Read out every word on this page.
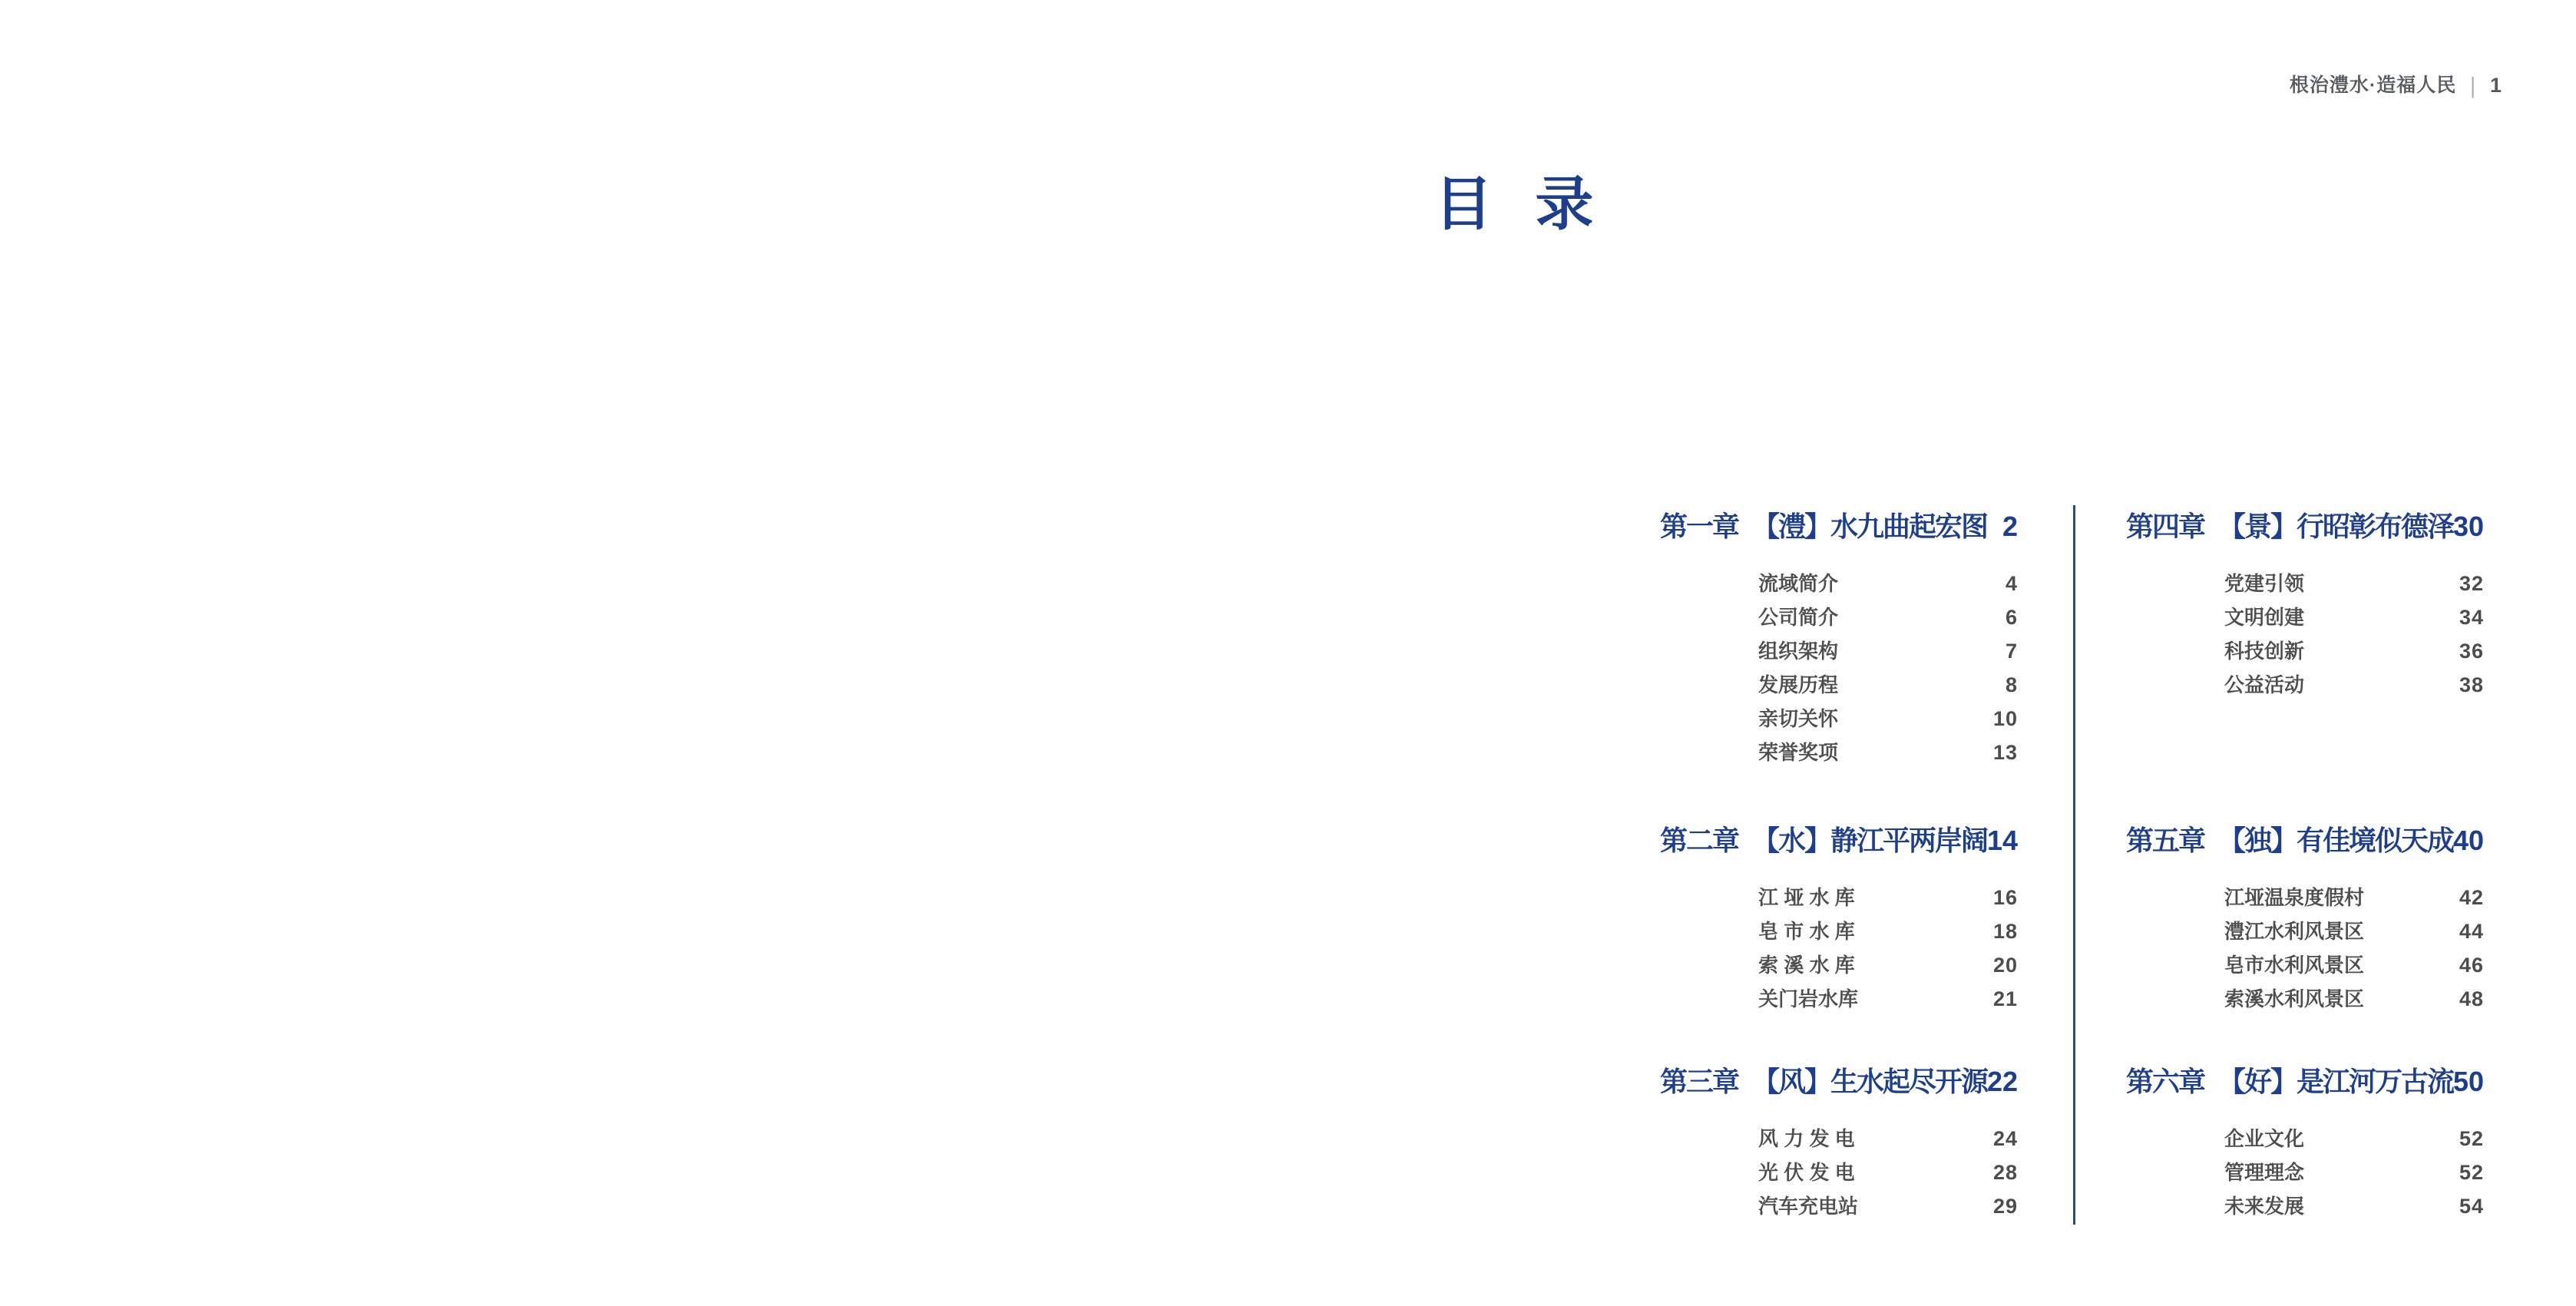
根治澧水·造福人民 | 1
目 录
第一章 【澧】水九曲起宏图 2
流域简介	4
公司简介	6
组织架构	7
发展历程	8
亲切关怀	10
荣誉奖项	13
第二章 【水】静江平两岸阔 14
江 垭 水 库	16
皂 市 水 库	18
索 溪 水 库	20
关门岩水库	21
第三章 【风】生水起尽开源 22
风 力 发 电	24
光 伏 发 电	28
汽车充电站	29
第四章 【景】行昭彰布德泽 30
党建引领	32
文明创建	34
科技创新	36
公益活动	38
第五章 【独】有佳境似天成 40
江垭温泉度假村	42
澧江水利风景区	44
皂市水利风景区	46
索溪水利风景区	48
第六章 【好】是江河万古流 50
企业文化	52
管理理念	52
未来发展	54
